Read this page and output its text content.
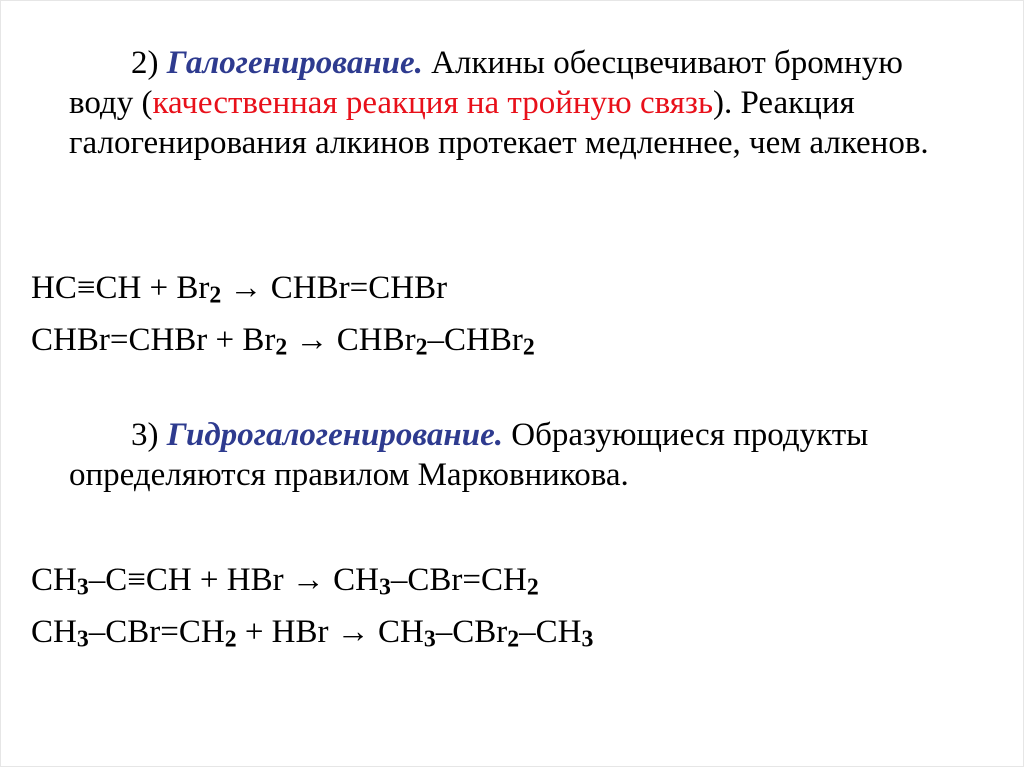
2) Галогенирование. Алкины обесцвечивают бромную воду (качественная реакция на тройную связь). Реакция галогенирования алкинов протекает медленнее, чем алкенов.

$HC\equiv CH + Br_2$ → CHBr=CHBr

CHBr=CHBr + $Br_2$ → CHBr$_2$–CHBr$_2$

3) Гидрогалогенирование. Образующиеся продукты определяются правилом Марковникова.

$CH_3-C\equiv CH$ + HBr → $CH_3-CBr=CH_2$

$CH_3-CBr=CH_2$ + HBr → $CH_3-CBr_2-CH_3$
